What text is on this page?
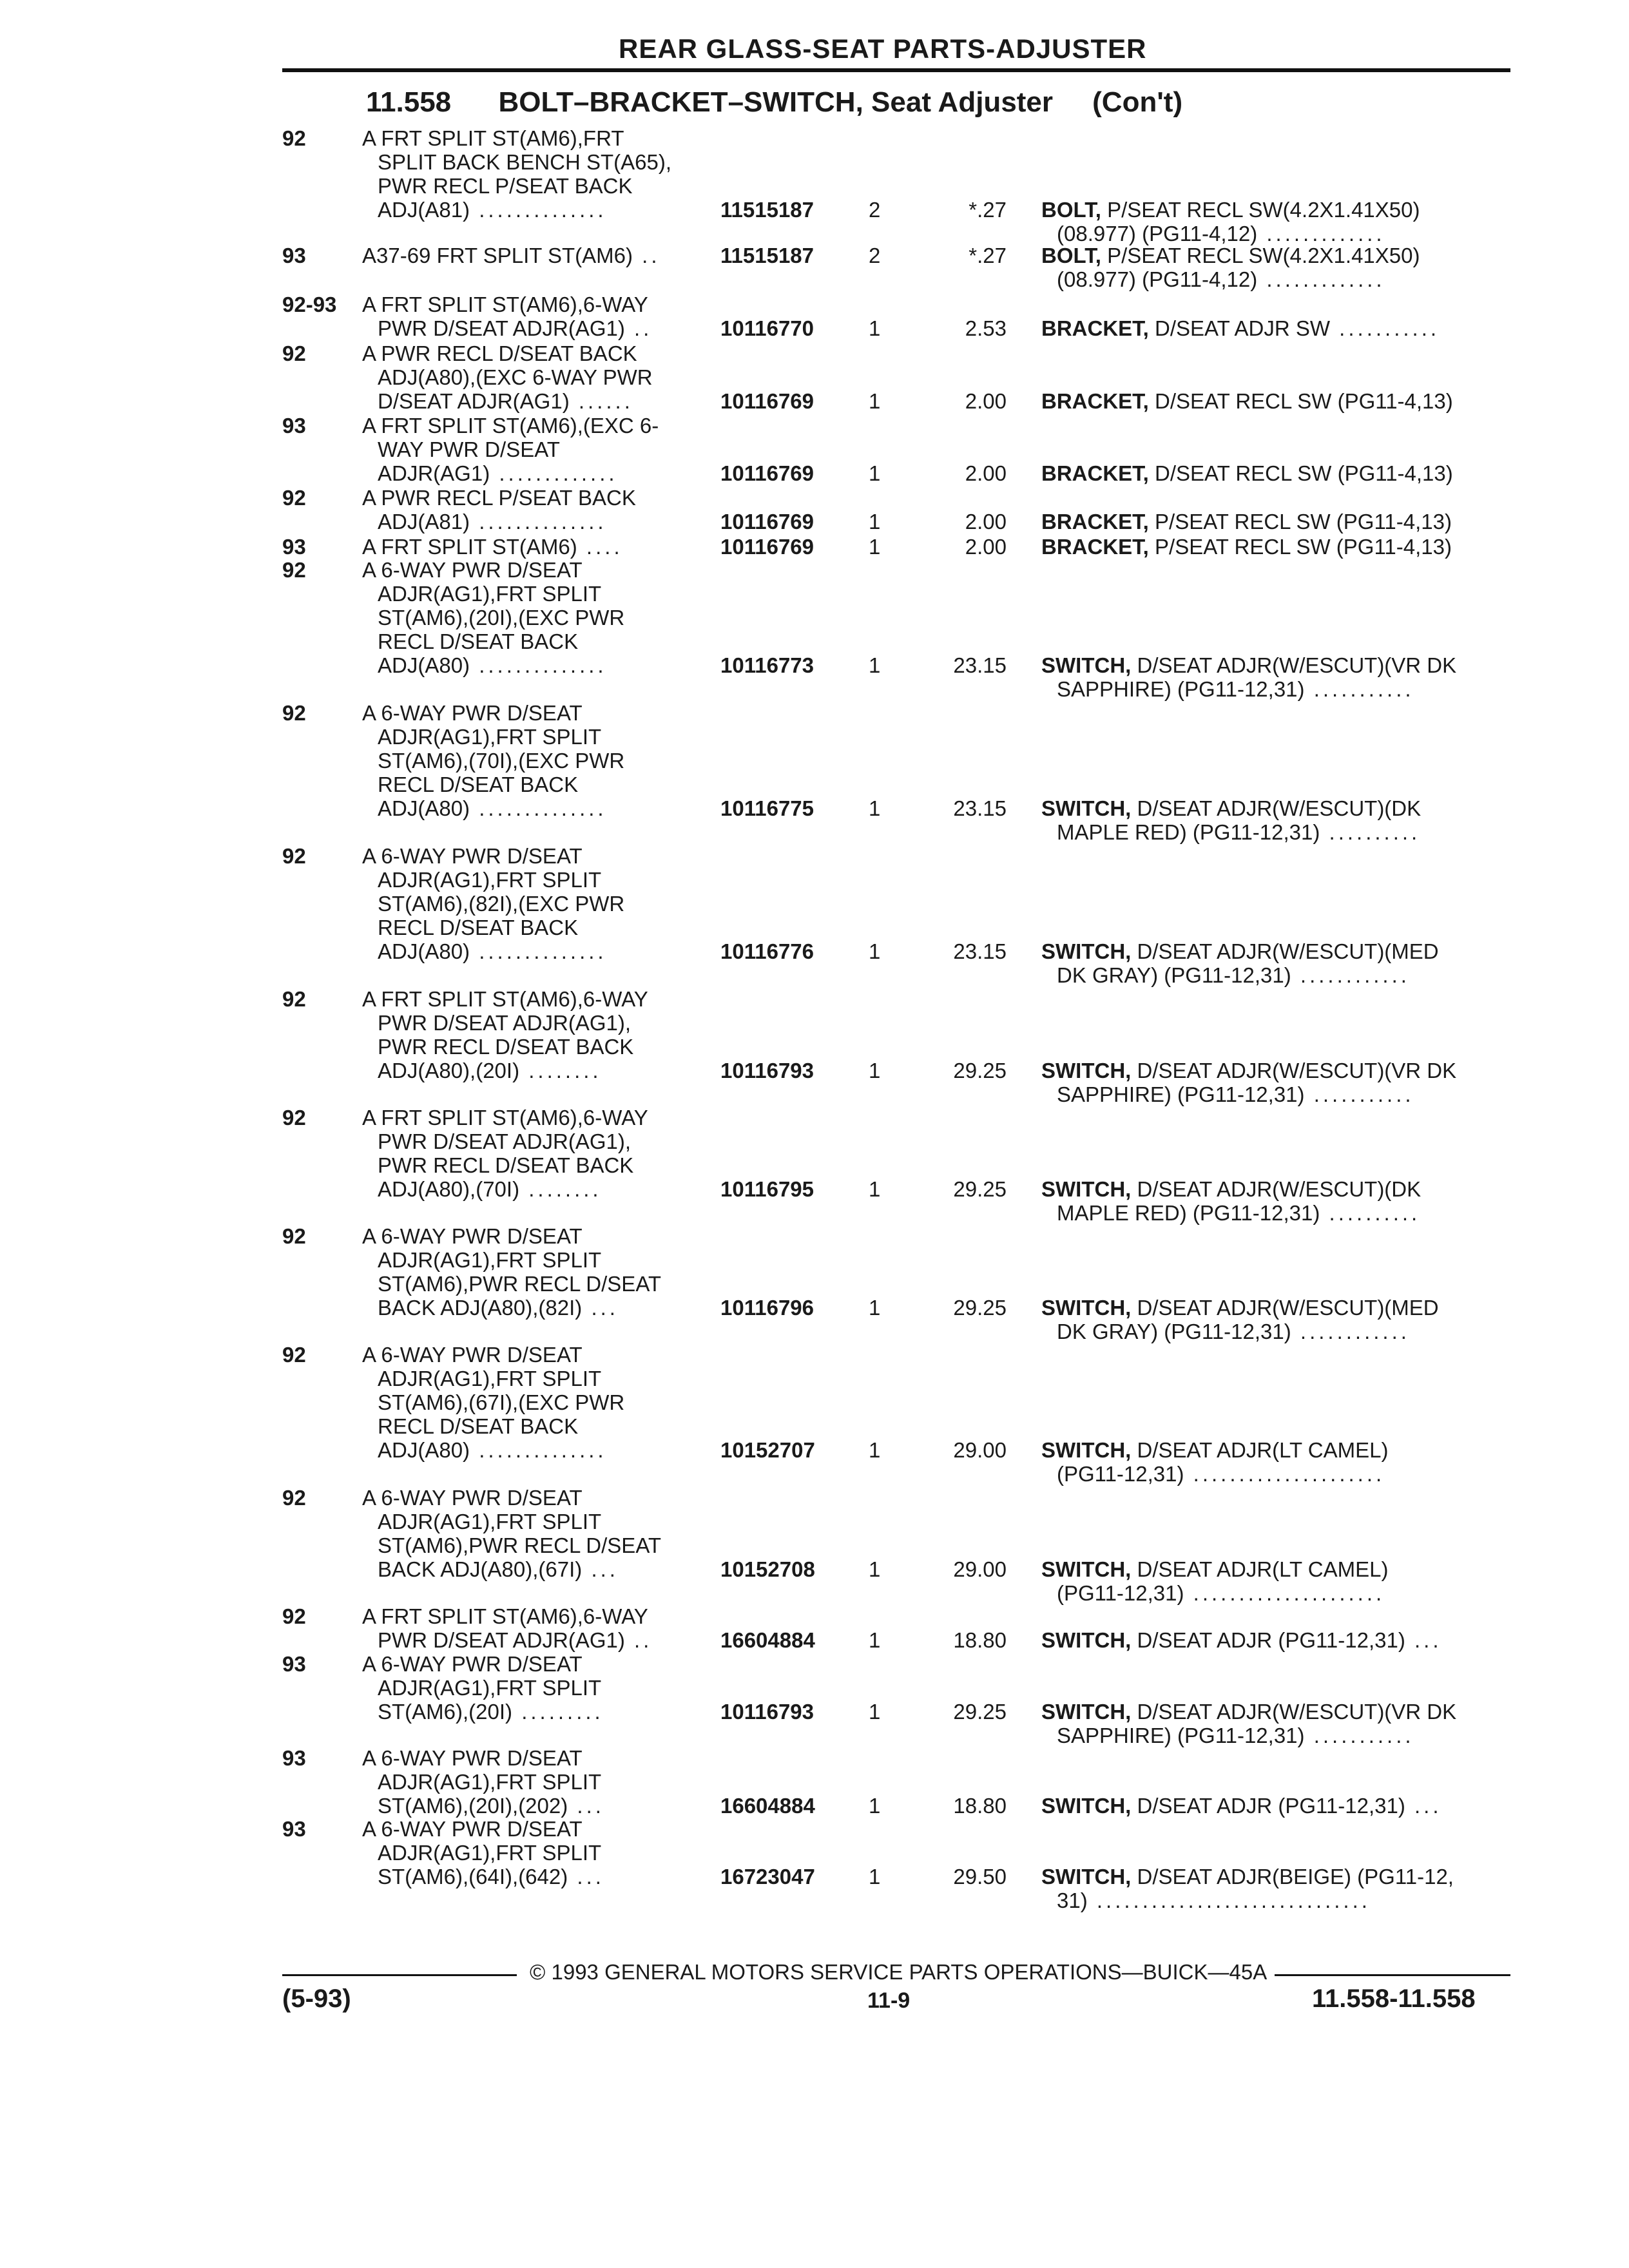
REAR GLASS-SEAT PARTS-ADJUSTER
11.558 BOLT–BRACKET–SWITCH, Seat Adjuster (Con't)
92	A FRT SPLIT ST(AM6),FRT
SPLIT BACK BENCH ST(A65),
PWR RECL P/SEAT BACK
ADJ(A81) ..............	11515187	2	*.27 BOLT, P/SEAT RECL SW(4.2X1.41X50)
(08.977) (PG11-4,12) .............
93	A37-69 FRT SPLIT ST(AM6) ..	11515187	2	*.27 BOLT, P/SEAT RECL SW(4.2X1.41X50)
(08.977) (PG11-4,12) .............
92-93	A FRT SPLIT ST(AM6),6-WAY
PWR D/SEAT ADJR(AG1) ..	10116770	1	2.53 BRACKET, D/SEAT ADJR SW ...........
92	A PWR RECL D/SEAT BACK
ADJ(A80),(EXC 6-WAY PWR
D/SEAT ADJR(AG1) ......	10116769	1	2.00 BRACKET, D/SEAT RECL SW (PG11-4,13)
93	A FRT SPLIT ST(AM6),(EXC 6-
WAY PWR D/SEAT
ADJR(AG1) .............	10116769	1	2.00 BRACKET, D/SEAT RECL SW (PG11-4,13)
92	A PWR RECL P/SEAT BACK
ADJ(A81) ..............	10116769	1	2.00 BRACKET, P/SEAT RECL SW (PG11-4,13)
93	A FRT SPLIT ST(AM6) ....	10116769	1	2.00 BRACKET, P/SEAT RECL SW (PG11-4,13)
92	A 6-WAY PWR D/SEAT
ADJR(AG1),FRT SPLIT
ST(AM6),(20I),(EXC PWR
RECL D/SEAT BACK
ADJ(A80) ..............	10116773	1	23.15 SWITCH, D/SEAT ADJR(W/ESCUT)(VR DK
SAPPHIRE) (PG11-12,31) ...........
92	A 6-WAY PWR D/SEAT
ADJR(AG1),FRT SPLIT
ST(AM6),(70I),(EXC PWR
RECL D/SEAT BACK
ADJ(A80) ..............	10116775	1	23.15 SWITCH, D/SEAT ADJR(W/ESCUT)(DK
MAPLE RED) (PG11-12,31) ..........
92	A 6-WAY PWR D/SEAT
ADJR(AG1),FRT SPLIT
ST(AM6),(82I),(EXC PWR
RECL D/SEAT BACK
ADJ(A80) ..............	10116776	1	23.15 SWITCH, D/SEAT ADJR(W/ESCUT)(MED
DK GRAY) (PG11-12,31) ............
92	A FRT SPLIT ST(AM6),6-WAY
PWR D/SEAT ADJR(AG1),
PWR RECL D/SEAT BACK
ADJ(A80),(20I) ........	10116793	1	29.25 SWITCH, D/SEAT ADJR(W/ESCUT)(VR DK
SAPPHIRE) (PG11-12,31) ...........
92	A FRT SPLIT ST(AM6),6-WAY
PWR D/SEAT ADJR(AG1),
PWR RECL D/SEAT BACK
ADJ(A80),(70I) ........	10116795	1	29.25 SWITCH, D/SEAT ADJR(W/ESCUT)(DK
MAPLE RED) (PG11-12,31) ..........
92	A 6-WAY PWR D/SEAT
ADJR(AG1),FRT SPLIT
ST(AM6),PWR RECL D/SEAT
BACK ADJ(A80),(82I) ...	10116796	1	29.25 SWITCH, D/SEAT ADJR(W/ESCUT)(MED
DK GRAY) (PG11-12,31) ............
92	A 6-WAY PWR D/SEAT
ADJR(AG1),FRT SPLIT
ST(AM6),(67I),(EXC PWR
RECL D/SEAT BACK
ADJ(A80) ..............	10152707	1	29.00 SWITCH, D/SEAT ADJR(LT CAMEL)
(PG11-12,31) .....................
92	A 6-WAY PWR D/SEAT
ADJR(AG1),FRT SPLIT
ST(AM6),PWR RECL D/SEAT
BACK ADJ(A80),(67I) ...	10152708	1	29.00 SWITCH, D/SEAT ADJR(LT CAMEL)
(PG11-12,31) .....................
92	A FRT SPLIT ST(AM6),6-WAY
PWR D/SEAT ADJR(AG1) ..	16604884	1	18.80 SWITCH, D/SEAT ADJR (PG11-12,31) ...
93	A 6-WAY PWR D/SEAT
ADJR(AG1),FRT SPLIT
ST(AM6),(20I) .........	10116793	1	29.25 SWITCH, D/SEAT ADJR(W/ESCUT)(VR DK
SAPPHIRE) (PG11-12,31) ...........
93	A 6-WAY PWR D/SEAT
ADJR(AG1),FRT SPLIT
ST(AM6),(20I),(202) ...	16604884	1	18.80 SWITCH, D/SEAT ADJR (PG11-12,31) ...
93	A 6-WAY PWR D/SEAT
ADJR(AG1),FRT SPLIT
ST(AM6),(64I),(642) ...	16723047	1	29.50 SWITCH, D/SEAT ADJR(BEIGE) (PG11-12,
31) ..............................
© 1993 GENERAL MOTORS SERVICE PARTS OPERATIONS—BUICK—45A
(5-93)	11-9	11.558-11.558
